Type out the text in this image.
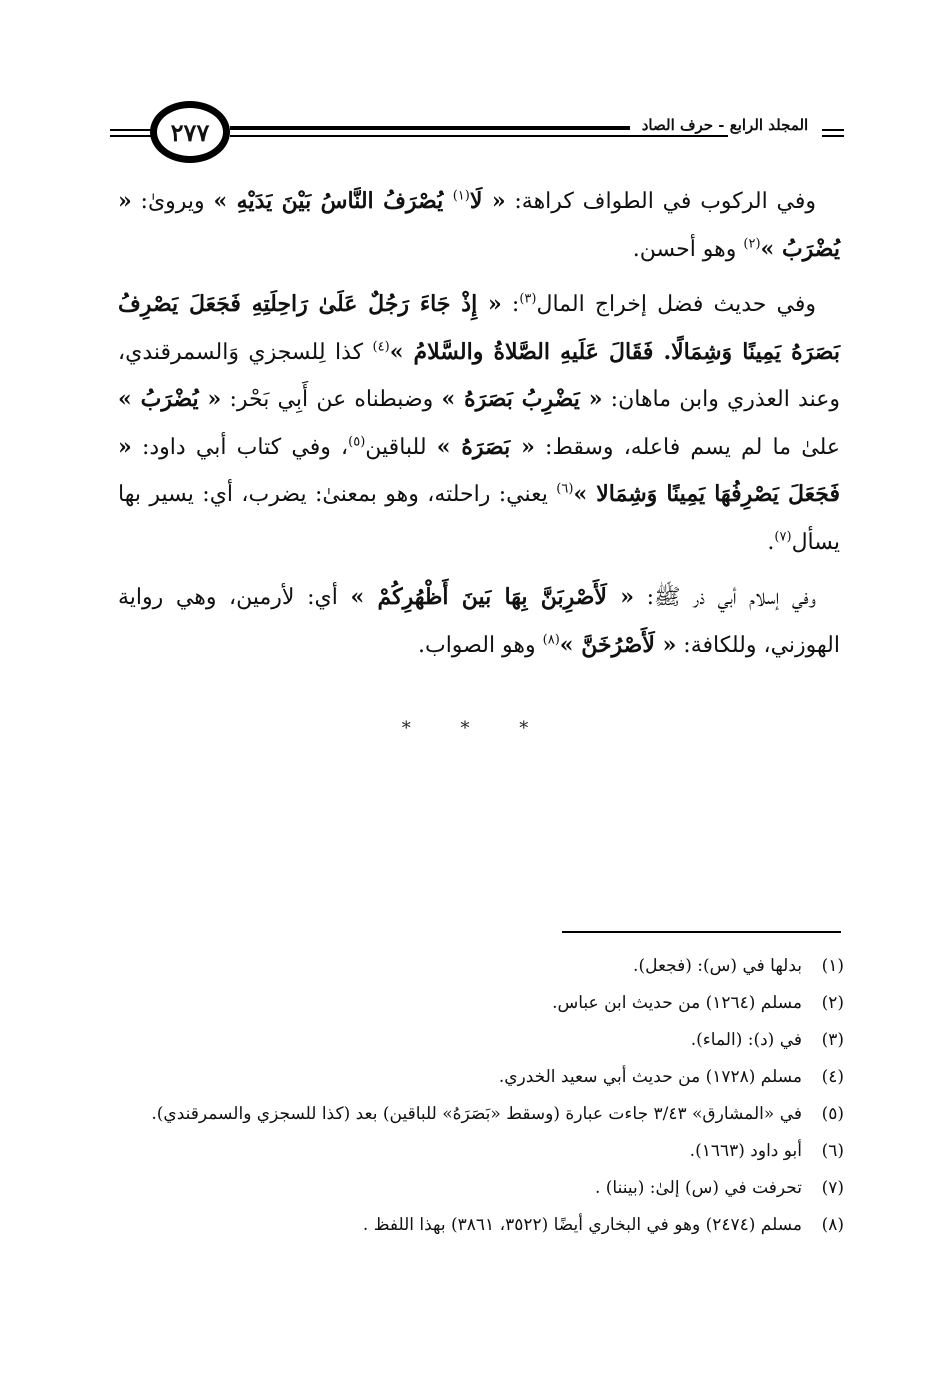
٢٧٧	المجلد الرابع - حرف الصاد

وفي الركوب في الطواف كراهة: « لَا$^{(١)}$ يُصْرَفُ النَّاسُ بَيْنَ يَدَيْهِ » ويروىٰ: « يُضْرَبُ »$^{(٢)}$ وهو أحسن.

وفي حديث فضل إخراج المال$^{(٣)}$: « إِذْ جَاءَ رَجُلٌ عَلَىٰ رَاحِلَتِهِ فَجَعَلَ يَصْرِفُ بَصَرَهُ يَمِينًا وَشِمَالًا. فَقَالَ عَلَيهِ الصَّلاةُ والسَّلامُ »$^{(٤)}$ كذا لِلسجزي وَالسمرقندي، وعند العذري وابن ماهان: « يَضْرِبُ بَصَرَهُ » وضبطناه عن أَبِي بَحْر: « يُضْرَبُ » علىٰ ما لم يسم فاعله، وسقط: « بَصَرَهُ » للباقين$^{(٥)}$، وفي كتاب أبي داود: « فَجَعَلَ يَصْرِفُهَا يَمِينًا وَشِمَالا »$^{(٦)}$ يعني: راحلته، وهو بمعنىٰ: يضرب، أي: يسير بها يسأل$^{(٧)}$.

وفي إسلام أبي ذر ﷺ: « لَأَصْرِبَنَّ بِهَا بَينَ أَظْهُرِكُمْ » أي: لأرمين، وهي رواية الهوزني، وللكافة: « لَأَصْرُخَنَّ »$^{(٨)}$ وهو الصواب.

* * *
(١)
بدلها في (س): (فجعل).
(٢)
مسلم (١٢٦٤) من حديث ابن عباس.
(٣)
في (د): (الماء).
(٤)
مسلم (١٧٢٨) من حديث أبي سعيد الخدري.
(٥)
في «المشارق» ٣/٤٣ جاءت عبارة (وسقط «بَصَرَهُ» للباقين) بعد (كذا للسجزي والسمرقندي).
(٦)
أبو داود (١٦٦٣).
(٧)
تحرفت في (س) إلىٰ: (بيننا) .
(٨)
مسلم (٢٤٧٤) وهو في البخاري أيضًا (٣٥٢٢، ٣٨٦١) بهذا اللفظ .
